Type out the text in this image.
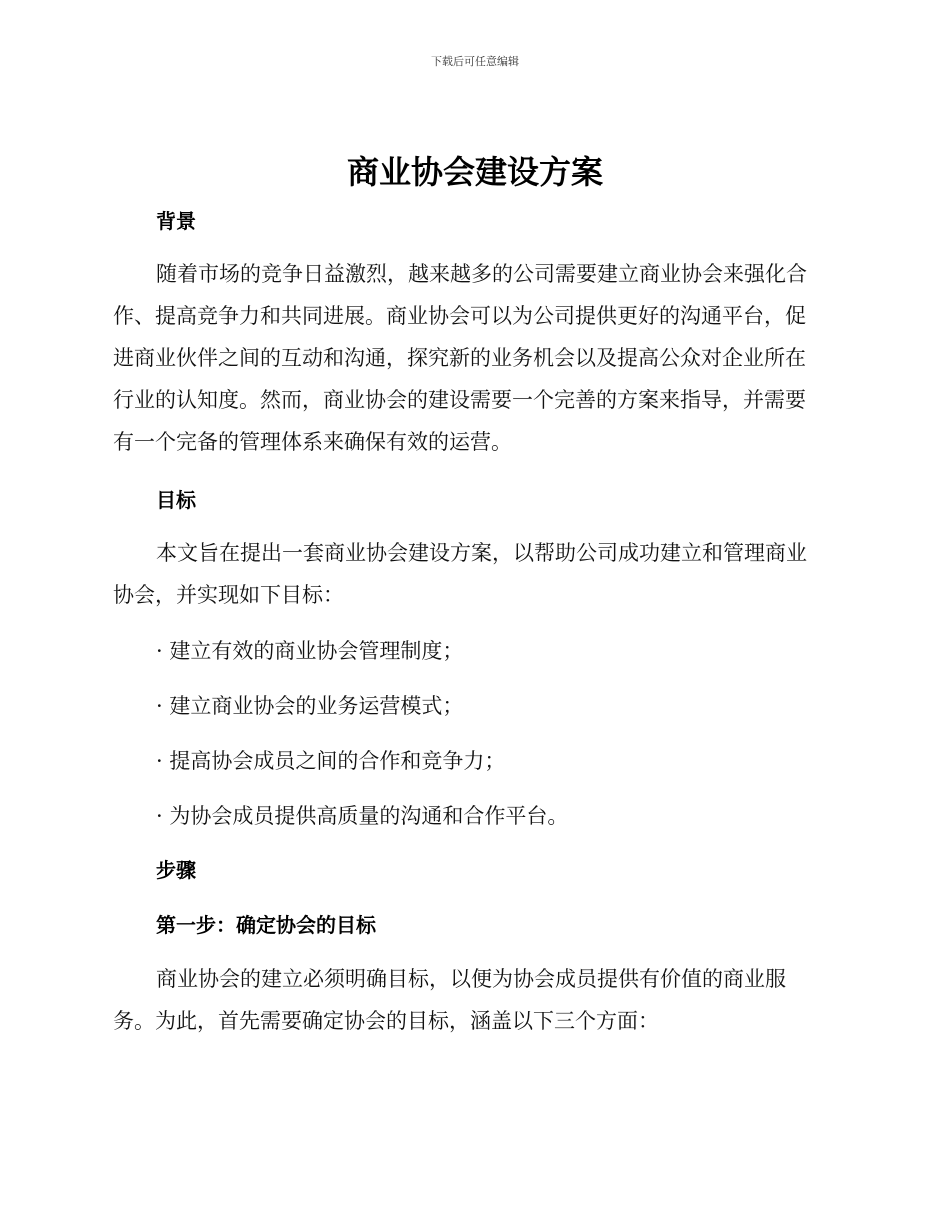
下载后可任意编辑
商业协会建设方案
背景
随着市场的竞争日益激烈，越来越多的公司需要建立商业协会来强化合
作、提高竞争力和共同进展。商业协会可以为公司提供更好的沟通平台，促
进商业伙伴之间的互动和沟通，探究新的业务机会以及提高公众对企业所在
行业的认知度。然而，商业协会的建设需要一个完善的方案来指导，并需要
有一个完备的管理体系来确保有效的运营。
目标
本文旨在提出一套商业协会建设方案，以帮助公司成功建立和管理商业
协会，并实现如下目标：
· 建立有效的商业协会管理制度；
· 建立商业协会的业务运营模式；
· 提高协会成员之间的合作和竞争力；
· 为协会成员提供高质量的沟通和合作平台。
步骤
第一步：确定协会的目标
商业协会的建立必须明确目标，以便为协会成员提供有价值的商业服
务。为此，首先需要确定协会的目标，涵盖以下三个方面：
